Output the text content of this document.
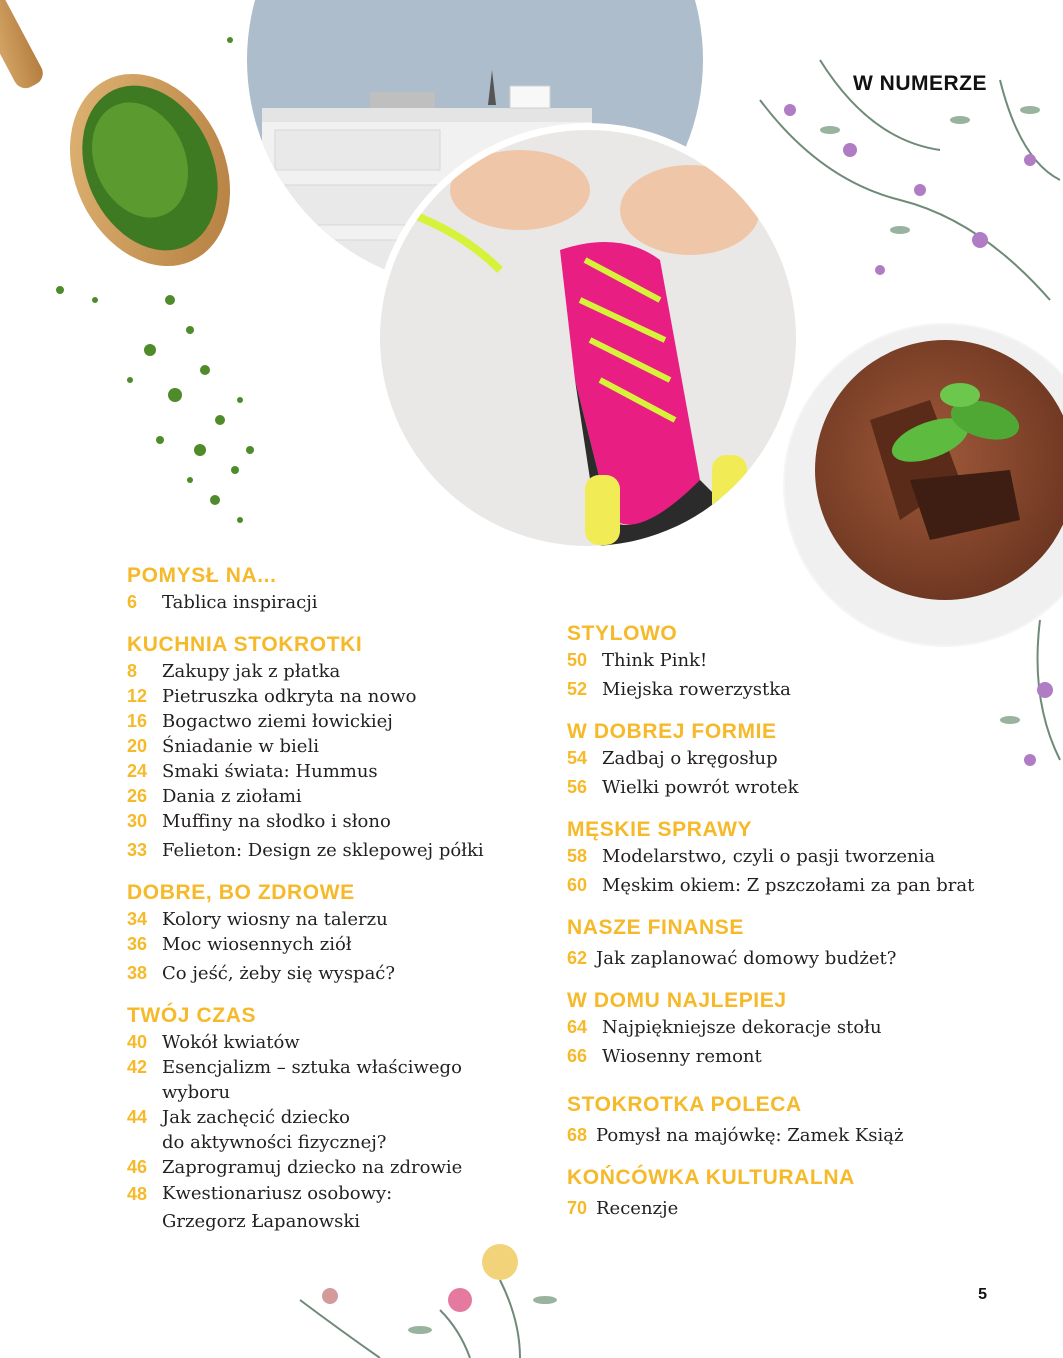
W NUMERZE
POMYSŁ NA...
6	Tablica inspiracji
KUCHNIA STOKROTKI
8	Zakupy jak z płatka
12 Pietruszka odkryta na nowo
16 Bogactwo ziemi łowickiej
20 Śniadanie w bieli
24 Smaki świata: Hummus
26 Dania z ziołami
30 Muffiny na słodko i słono
33 Felieton: Design ze sklepowej półki
DOBRE, BO ZDROWE
34 Kolory wiosny na talerzu
36 Moc wiosennych ziół
38 Co jeść, żeby się wyspać?
TWÓJ CZAS
40 Wokół kwiatów
42 Esencjalizm – sztuka właściwego
wyboru
44 Jak zachęcić dziecko
do aktywności fizycznej?
46 Zaprogramuj dziecko na zdrowie
48 Kwestionariusz osobowy:
Grzegorz Łapanowski
STYLOWO
50 Think Pink!
52 Miejska rowerzystka
W DOBREJ FORMIE
54 Zadbaj o kręgosłup
56 Wielki powrót wrotek
MĘSKIE SPRAWY
58 Modelarstwo, czyli o pasji tworzenia
60 Męskim okiem: Z pszczołami za pan brat
NASZE FINANSE
62 Jak zaplanować domowy budżet?
W DOMU NAJLEPIEJ
64 Najpiękniejsze dekoracje stołu
66 Wiosenny remont
STOKROTKA POLECA
68 Pomysł na majówkę: Zamek Książ
KOŃCÓWKA KULTURALNA
70 Recenzje
5
